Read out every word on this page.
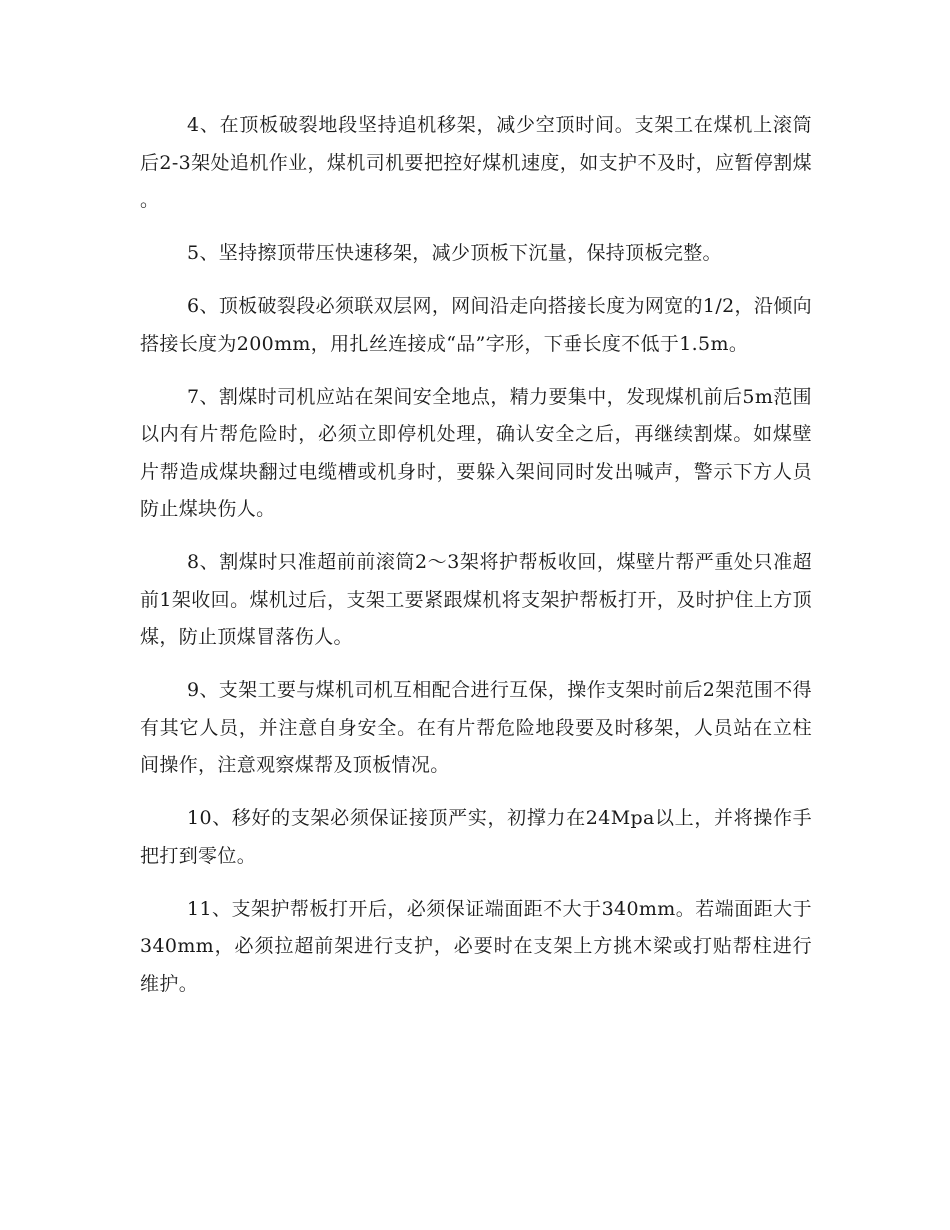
4、在顶板破裂地段坚持追机移架，减少空顶时间。支架工在煤机上滚筒后2-3架处追机作业，煤机司机要把控好煤机速度，如支护不及时，应暂停割煤。

5、坚持擦顶带压快速移架，减少顶板下沉量，保持顶板完整。

6、顶板破裂段必须联双层网，网间沿走向搭接长度为网宽的1/2，沿倾向搭接长度为200mm，用扎丝连接成“品”字形，下垂长度不低于1.5m。

7、割煤时司机应站在架间安全地点，精力要集中，发现煤机前后5m范围以内有片帮危险时，必须立即停机处理，确认安全之后，再继续割煤。如煤壁片帮造成煤块翻过电缆槽或机身时，要躲入架间同时发出喊声，警示下方人员防止煤块伤人。

8、割煤时只准超前前滚筒2～3架将护帮板收回，煤壁片帮严重处只准超前1架收回。煤机过后，支架工要紧跟煤机将支架护帮板打开，及时护住上方顶煤，防止顶煤冒落伤人。

9、支架工要与煤机司机互相配合进行互保，操作支架时前后2架范围不得有其它人员，并注意自身安全。在有片帮危险地段要及时移架，人员站在立柱间操作，注意观察煤帮及顶板情况。

10、移好的支架必须保证接顶严实，初撑力在24Mpa以上，并将操作手把打到零位。

11、支架护帮板打开后，必须保证端面距不大于340mm。若端面距大于340mm，必须拉超前架进行支护，必要时在支架上方挑木梁或打贴帮柱进行维护。
